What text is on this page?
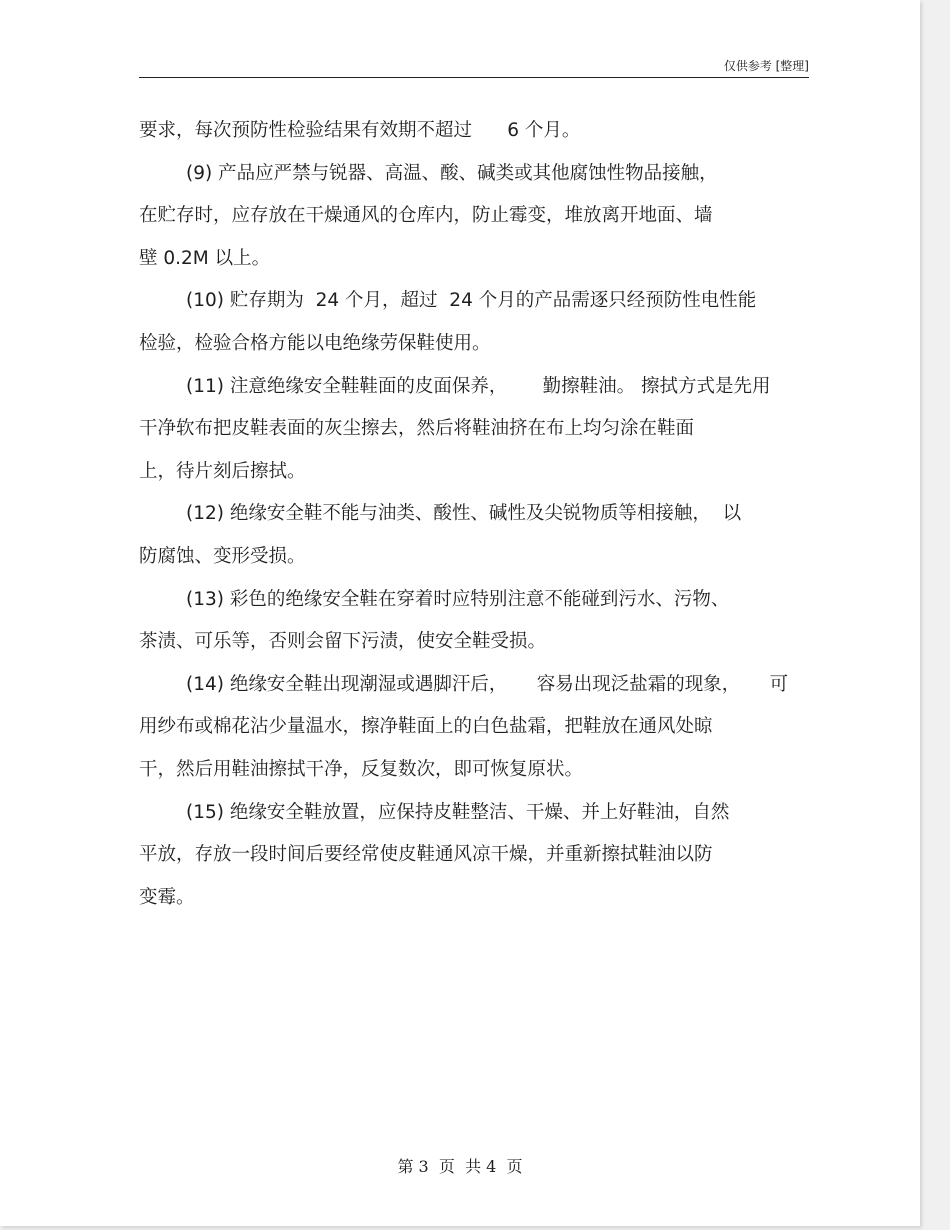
仅供参考 [整理]
要求，每次预防性检验结果有效期不超过      6 个月。
(9) 产品应严禁与锐器、高温、酸、碱类或其他腐蚀性物品接触，
在贮存时，应存放在干燥通风的仓库内，防止霉变，堆放离开地面、墙
壁 0.2M 以上。
(10) 贮存期为  24 个月，超过  24 个月的产品需逐只经预防性电性能
检验，检验合格方能以电绝缘劳保鞋使用。
(11) 注意绝缘安全鞋鞋面的皮面保养，      勤擦鞋油。 擦拭方式是先用
干净软布把皮鞋表面的灰尘擦去，然后将鞋油挤在布上均匀涂在鞋面
上，待片刻后擦拭。
(12) 绝缘安全鞋不能与油类、酸性、碱性及尖锐物质等相接触，  以
防腐蚀、变形受损。
(13) 彩色的绝缘安全鞋在穿着时应特别注意不能碰到污水、污物、
茶渍、可乐等，否则会留下污渍，使安全鞋受损。
(14) 绝缘安全鞋出现潮湿或遇脚汗后，     容易出现泛盐霜的现象，     可
用纱布或棉花沾少量温水，擦净鞋面上的白色盐霜，把鞋放在通风处晾
干，然后用鞋油擦拭干净，反复数次，即可恢复原状。
(15) 绝缘安全鞋放置，应保持皮鞋整洁、干燥、并上好鞋油，自然
平放，存放一段时间后要经常使皮鞋通风凉干燥，并重新擦拭鞋油以防
变霉。
第 3  页  共 4  页
